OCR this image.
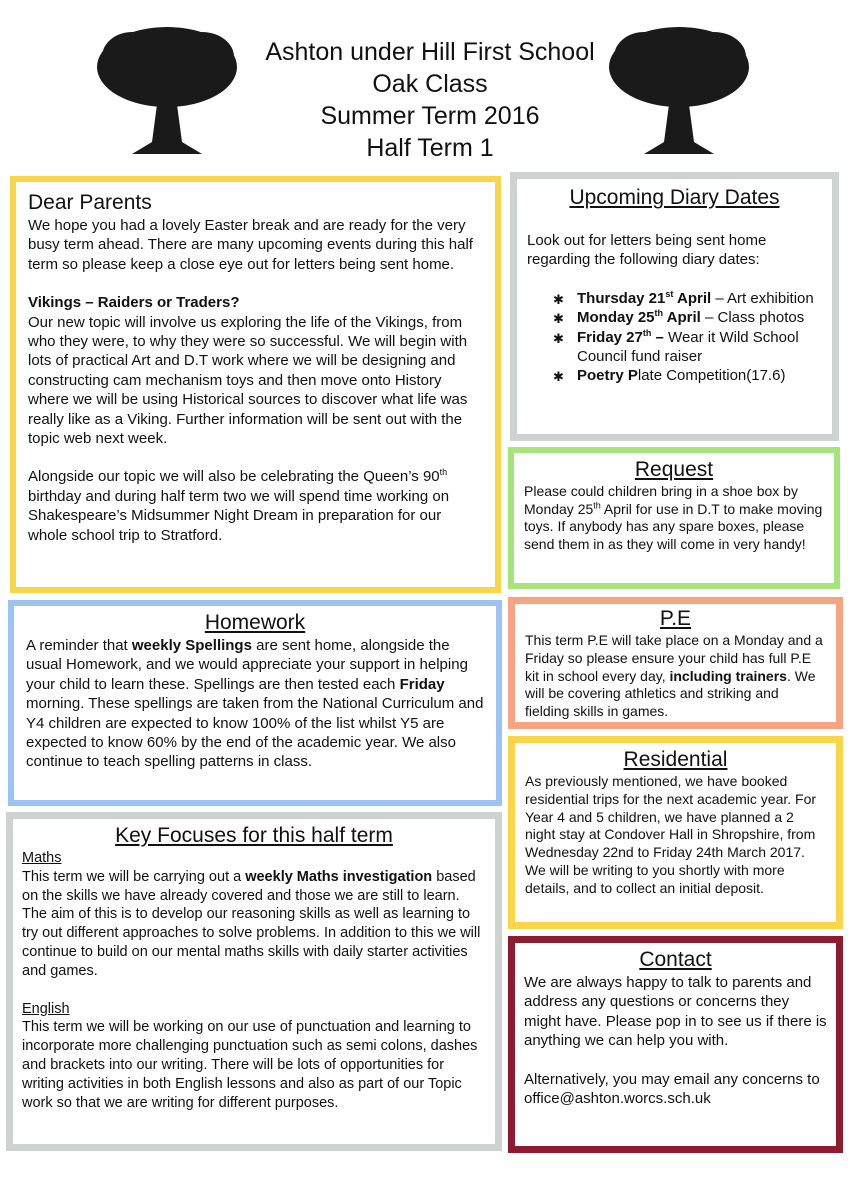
Ashton under Hill First School
Oak Class
Summer Term 2016
Half Term 1
Dear Parents

We hope you had a lovely Easter break and are ready for the very busy term ahead. There are many upcoming events during this half term so please keep a close eye out for letters being sent home.

Vikings – Raiders or Traders?

Our new topic will involve us exploring the life of the Vikings, from who they were, to why they were so successful. We will begin with lots of practical Art and D.T work where we will be designing and constructing cam mechanism toys and then move onto History where we will be using Historical sources to discover what life was really like as a Viking. Further information will be sent out with the topic web next week.

Alongside our topic we will also be celebrating the Queen’s 90th birthday and during half term two we will spend time working on Shakespeare’s Midsummer Night Dream in preparation for our whole school trip to Stratford.

Upcoming Diary Dates

Look out for letters being sent home regarding the following diary dates:

✱ Thursday 21st April – Art exhibition
✱ Monday 25th April – Class photos
✱ Friday 27th – Wear it Wild School Council fund raiser
✱ Poetry Plate Competition(17.6)
Request

Please could children bring in a shoe box by Monday 25th April for use in D.T to make moving toys. If anybody has any spare boxes, please send them in as they will come in very handy!

P.E

This term P.E will take place on a Monday and a Friday so please ensure your child has full P.E kit in school every day, including trainers. We will be covering athletics and striking and fielding skills in games.

Residential

As previously mentioned, we have booked residential trips for the next academic year. For Year 4 and 5 children, we have planned a 2 night stay at Condover Hall in Shropshire, from Wednesday 22nd to Friday 24th March 2017. We will be writing to you shortly with more details, and to collect an initial deposit.

Contact

We are always happy to talk to parents and address any questions or concerns they might have. Please pop in to see us if there is anything we can help you with.

Alternatively, you may email any concerns to office@ashton.worcs.sch.uk

Homework

A reminder that weekly Spellings are sent home, alongside the usual Homework, and we would appreciate your support in helping your child to learn these. Spellings are then tested each Friday morning. These spellings are taken from the National Curriculum and Y4 children are expected to know 100% of the list whilst Y5 are expected to know 60% by the end of the academic year. We also continue to teach spelling patterns in class.

Key Focuses for this half term

Maths

This term we will be carrying out a weekly Maths investigation based on the skills we have already covered and those we are still to learn. The aim of this is to develop our reasoning skills as well as learning to try out different approaches to solve problems. In addition to this we will continue to build on our mental maths skills with daily starter activities and games.

English

This term we will be working on our use of punctuation and learning to incorporate more challenging punctuation such as semi colons, dashes and brackets into our writing. There will be lots of opportunities for writing activities in both English lessons and also as part of our Topic work so that we are writing for different purposes.
